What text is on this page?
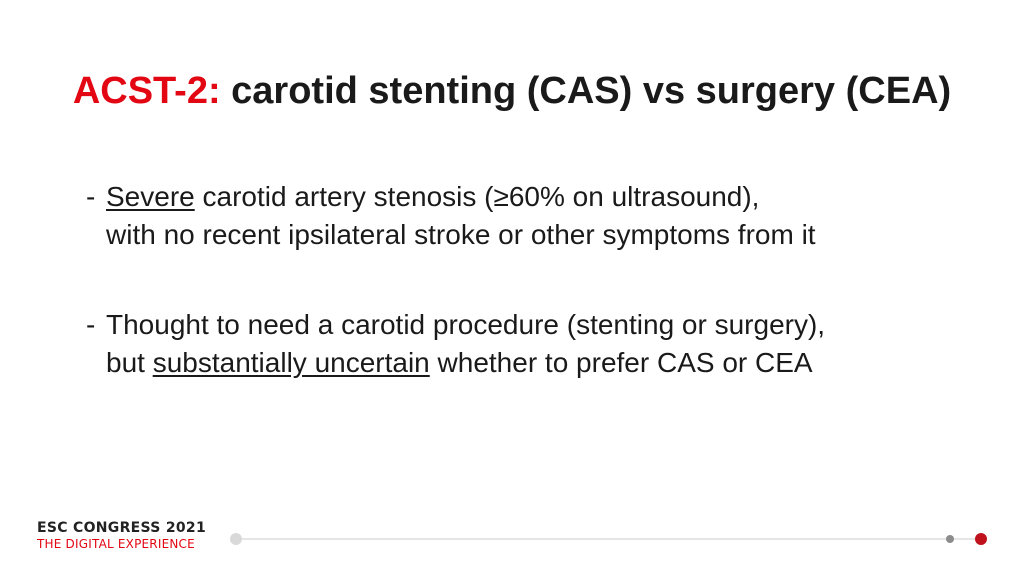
ACST-2: carotid stenting (CAS) vs surgery (CEA)
- Severe carotid artery stenosis (≥60% on ultrasound),
with no recent ipsilateral stroke or other symptoms from it
- Thought to need a carotid procedure (stenting or surgery),
but substantially uncertain whether to prefer CAS or CEA
ESC CONGRESS 2021
THE DIGITAL EXPERIENCE
